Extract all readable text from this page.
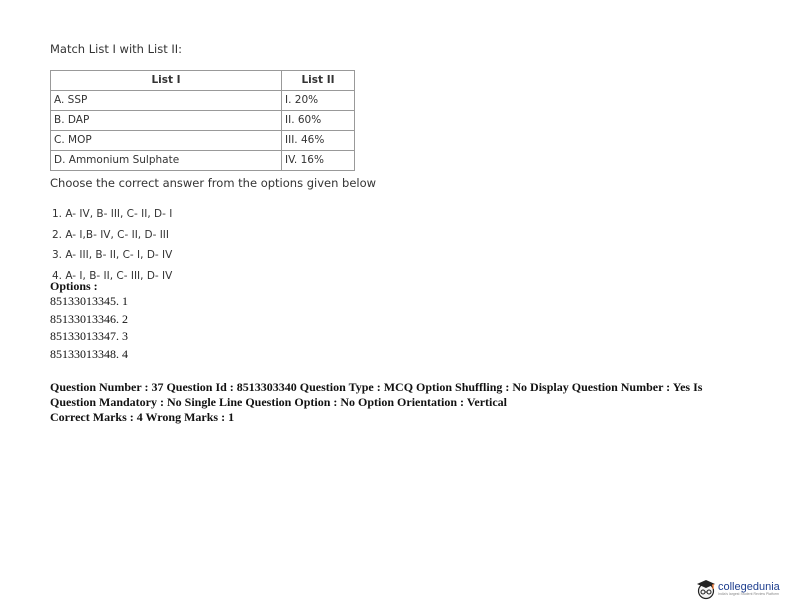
Match List I with List II:
List I	List II
A. SSP	I. 20%
B. DAP	II. 60%
C. MOP	III. 46%
D. Ammonium Sulphate	IV. 16%
Choose the correct answer from the options given below
1. A- IV, B- III, C- II, D- I
2. A- I,B- IV, C- II, D- III
3. A- III, B- II, C- I, D- IV
4. A- I, B- II, C- III, D- IV
Options :
85133013345. 1
85133013346. 2
85133013347. 3
85133013348. 4

Question Number : 37 Question Id : 8513303340 Question Type : MCQ Option Shuffling : No Display Question Number : Yes Is

Question Mandatory : No Single Line Question Option : No Option Orientation : Vertical

Correct Marks : 4 Wrong Marks : 1

collegedunia
India's largest Student Review Platform
